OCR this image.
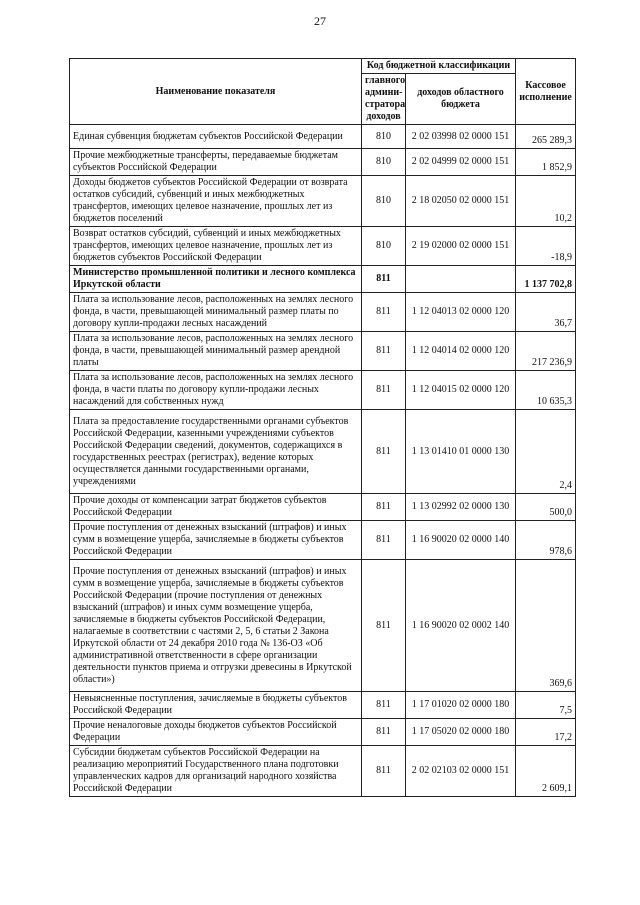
27
Наименование показателя	Код бюджетной классификации		Кассовое исполнение
	главного админи- стратора доходов	доходов областного бюджета	
Единая субвенция бюджетам субъектов Российской Федерации	810	2 02 03998 02 0000 151	265 289,3
Прочие межбюджетные трансферты, передаваемые бюджетам субъектов Российской Федерации	810	2 02 04999 02 0000 151	1 852,9
Доходы бюджетов субъектов Российской Федерации от возврата остатков субсидий, субвенций и иных межбюджетных трансфертов, имеющих целевое назначение, прошлых лет из бюджетов поселений	810	2 18 02050 02 0000 151	10,2
Возврат остатков субсидий, субвенций и иных межбюджетных трансфертов, имеющих целевое назначение, прошлых лет из бюджетов субъектов Российской Федерации	810	2 19 02000 02 0000 151	-18,9
Министерство промышленной политики и лесного комплекса Иркутской области	811		1 137 702,8
Плата за использование лесов, расположенных на землях лесного фонда, в части, превышающей минимальный размер платы по договору купли-продажи лесных насаждений	811	1 12 04013 02 0000 120	36,7
Плата за использование лесов, расположенных на землях лесного фонда, в части, превышающей минимальный размер арендной платы	811	1 12 04014 02 0000 120	217 236,9
Плата за использование лесов, расположенных на землях лесного фонда, в части платы по договору купли-продажи лесных насаждений для собственных нужд	811	1 12 04015 02 0000 120	10 635,3
Плата за предоставление государственными органами субъектов Российской Федерации, казенными учреждениями субъектов Российской Федерации сведений, документов, содержащихся в государственных реестрах (регистрах), ведение которых осуществляется данными государственными органами, учреждениями	811	1 13 01410 01 0000 130	2,4
Прочие доходы от компенсации затрат бюджетов субъектов Российской Федерации	811	1 13 02992 02 0000 130	500,0
Прочие поступления от денежных взысканий (штрафов) и иных сумм в возмещение ущерба, зачисляемые в бюджеты субъектов Российской Федерации	811	1 16 90020 02 0000 140	978,6
Прочие поступления от денежных взысканий (штрафов) и иных сумм в возмещение ущерба, зачисляемые в бюджеты субъектов Российской Федерации (прочие поступления от денежных взысканий (штрафов) и иных сумм возмещение ущерба, зачисляемые в бюджеты субъектов Российской Федерации, налагаемые в соответствии с частями 2, 5, 6 статьи 2 Закона Иркутской области от 24 декабря 2010 года № 136-ОЗ «Об административной ответственности в сфере организации деятельности пунктов приема и отгрузки древесины в Иркутской области»)	811	1 16 90020 02 0002 140	369,6
Невыясненные поступления, зачисляемые в бюджеты субъектов Российской Федерации	811	1 17 01020 02 0000 180	7,5
Прочие неналоговые доходы бюджетов субъектов Российской Федерации	811	1 17 05020 02 0000 180	17,2
Субсидии бюджетам субъектов Российской Федерации на реализацию мероприятий Государственного плана подготовки управленческих кадров для организаций народного хозяйства Российской Федерации	811	2 02 02103 02 0000 151	2 609,1
